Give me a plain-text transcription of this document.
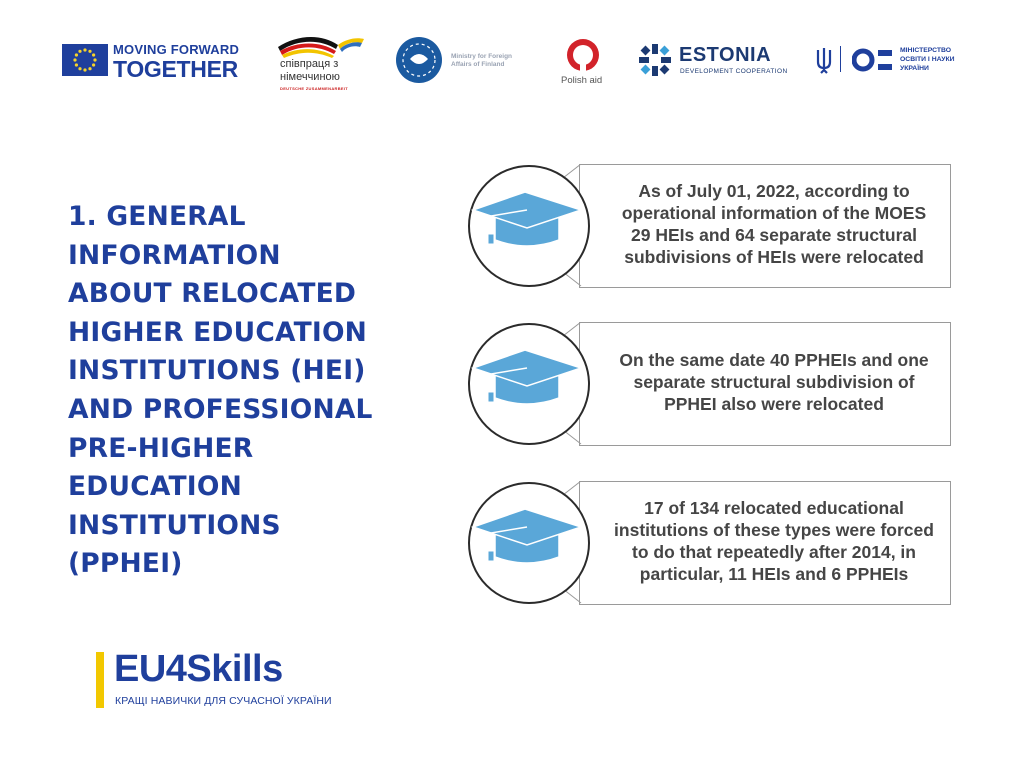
MOVING FORWARD
TOGETHER	співпраця з
німеччиною
DEUTSCHE ZUSAMMENARBEIT
Ministry for Foreign
Affairs of Finland
Polish aid
ESTONIA
DEVELOPMENT COOPERATION
МІНІСТЕРСТВО
ОСВІТИ І НАУКИ
УКРАЇНИ
1. GENERAL
INFORMATION
ABOUT RELOCATED
HIGHER EDUCATION
INSTITUTIONS (HEI)
AND PROFESSIONAL
PRE-HIGHER
EDUCATION
INSTITUTIONS
(PPHEI)
As of July 01, 2022, according to operational information of the MOES 29 HEIs and 64 separate structural subdivisions of HEIs were relocated
On the same date 40 PPHEIs and one separate structural subdivision of PPHEI also were relocated
17 of 134 relocated educational institutions of these types were forced to do that repeatedly after 2014, in particular, 11 HEIs and 6 PPHEIs
EU4Skills
КРАЩІ НАВИЧКИ ДЛЯ СУЧАСНОЇ УКРАЇНИ
